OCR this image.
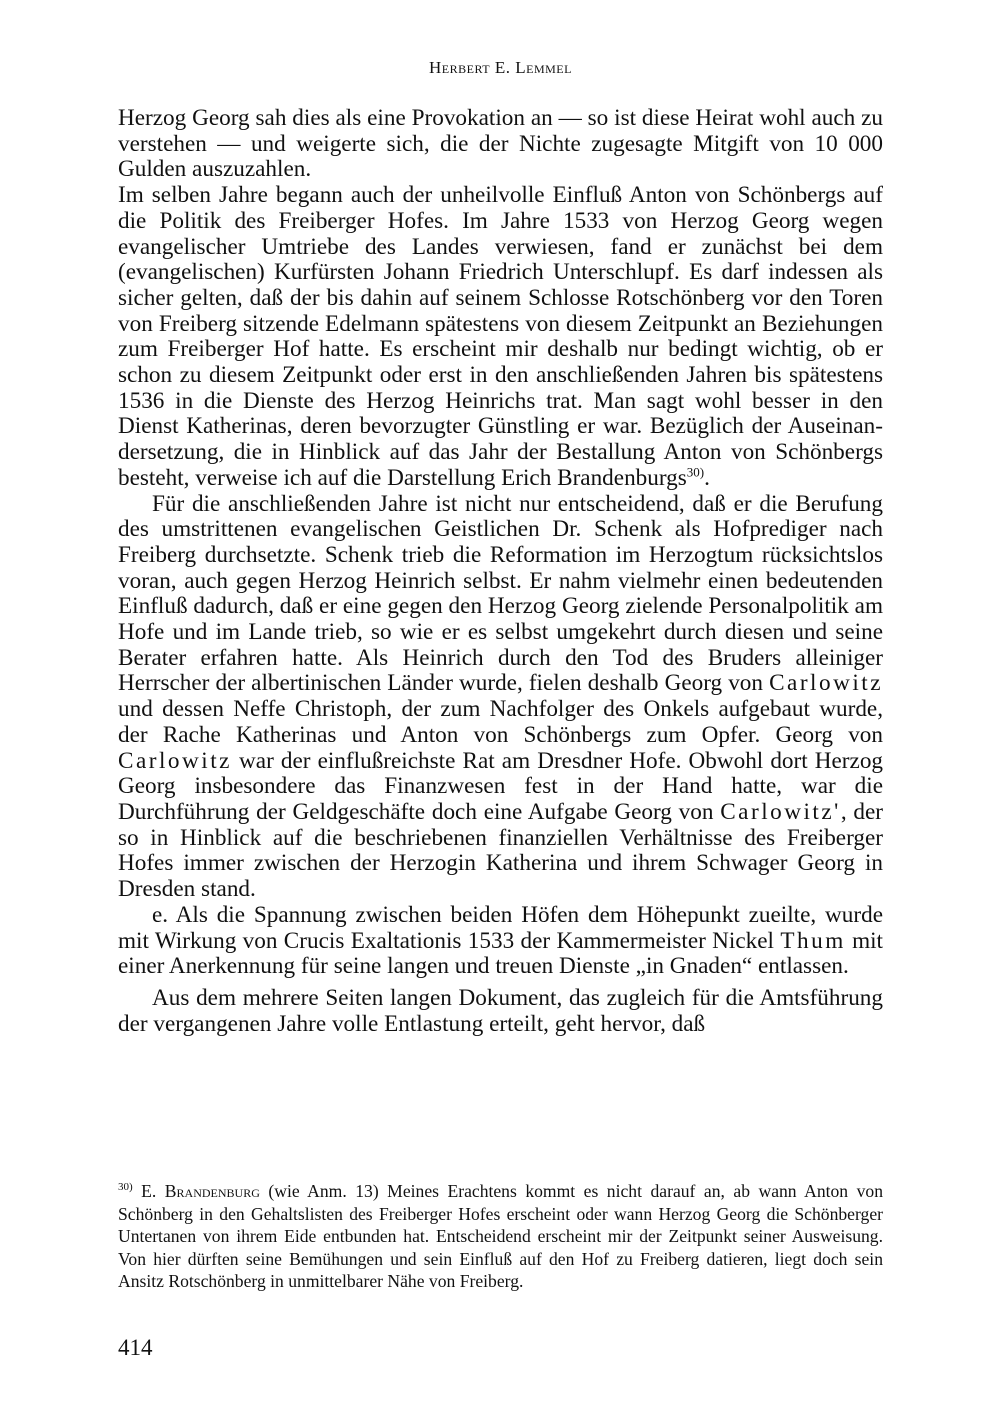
Herbert E. Lemmel

Herzog Georg sah dies als eine Provokation an — so ist diese Heirat wohl auch zu verstehen — und weigerte sich, die der Nichte zugesagte Mitgift von 10 000 Gulden auszuzahlen.

Im selben Jahre begann auch der unheilvolle Einfluß Anton von Schönbergs auf die Politik des Freiberger Hofes. Im Jahre 1533 von Herzog Georg wegen evangelischer Umtriebe des Landes verwiesen, fand er zunächst bei dem (evangelischen) Kurfürsten Johann Friedrich Unterschlupf. Es darf indessen als sicher gelten, daß der bis dahin auf seinem Schlosse Rotschönberg vor den Toren von Freiberg sitzende Edelmann spätestens von diesem Zeitpunkt an Beziehungen zum Freiberger Hof hatte. Es erscheint mir deshalb nur bedingt wichtig, ob er schon zu diesem Zeitpunkt oder erst in den anschließenden Jahren bis spätestens 1536 in die Dienste des Herzog Heinrichs trat. Man sagt wohl besser in den Dienst Katherinas, deren bevorzugter Günstling er war. Bezüglich der Auseinandersetzung, die in Hinblick auf das Jahr der Bestallung Anton von Schönbergs besteht, verweise ich auf die Darstellung Erich Brandenburgs$^{30)}$.

Für die anschließenden Jahre ist nicht nur entscheidend, daß er die Berufung des umstrittenen evangelischen Geistlichen Dr. Schenk als Hofprediger nach Freiberg durchsetzte. Schenk trieb die Reformation im Herzogtum rücksichtslos voran, auch gegen Herzog Heinrich selbst. Er nahm vielmehr einen bedeutenden Einfluß dadurch, daß er eine gegen den Herzog Georg zielende Personalpolitik am Hofe und im Lande trieb, so wie er es selbst umgekehrt durch diesen und seine Berater erfahren hatte. Als Heinrich durch den Tod des Bruders alleiniger Herrscher der albertinischen Länder wurde, fielen deshalb Georg von Carlowitz und dessen Neffe Christoph, der zum Nachfolger des Onkels aufgebaut wurde, der Rache Katherinas und Anton von Schönbergs zum Opfer. Georg von Carlowitz war der einflußreichste Rat am Dresdner Hofe. Obwohl dort Herzog Georg insbesondere das Finanzwesen fest in der Hand hatte, war die Durchführung der Geldgeschäfte doch eine Aufgabe Georg von Carlowitz', der so in Hinblick auf die beschriebenen finanziellen Verhältnisse des Freiberger Hofes immer zwischen der Herzogin Katherina und ihrem Schwager Georg in Dresden stand.

e. Als die Spannung zwischen beiden Höfen dem Höhepunkt zueilte, wurde mit Wirkung von Crucis Exaltationis 1533 der Kammermeister Nickel Thum mit einer Anerkennung für seine langen und treuen Dienste „in Gnaden“ entlassen.

Aus dem mehrere Seiten langen Dokument, das zugleich für die Amtsführung der vergangenen Jahre volle Entlastung erteilt, geht hervor, daß

$^{30)}$ E. Brandenburg (wie Anm. 13) Meines Erachtens kommt es nicht darauf an, ab wann Anton von Schönberg in den Gehaltslisten des Freiberger Hofes erscheint oder wann Herzog Georg die Schönberger Untertanen von ihrem Eide entbunden hat. Entscheidend erscheint mir der Zeitpunkt seiner Ausweisung. Von hier dürften seine Bemühungen und sein Einfluß auf den Hof zu Freiberg datieren, liegt doch sein Ansitz Rotschönberg in unmittelbarer Nähe von Freiberg.

414
